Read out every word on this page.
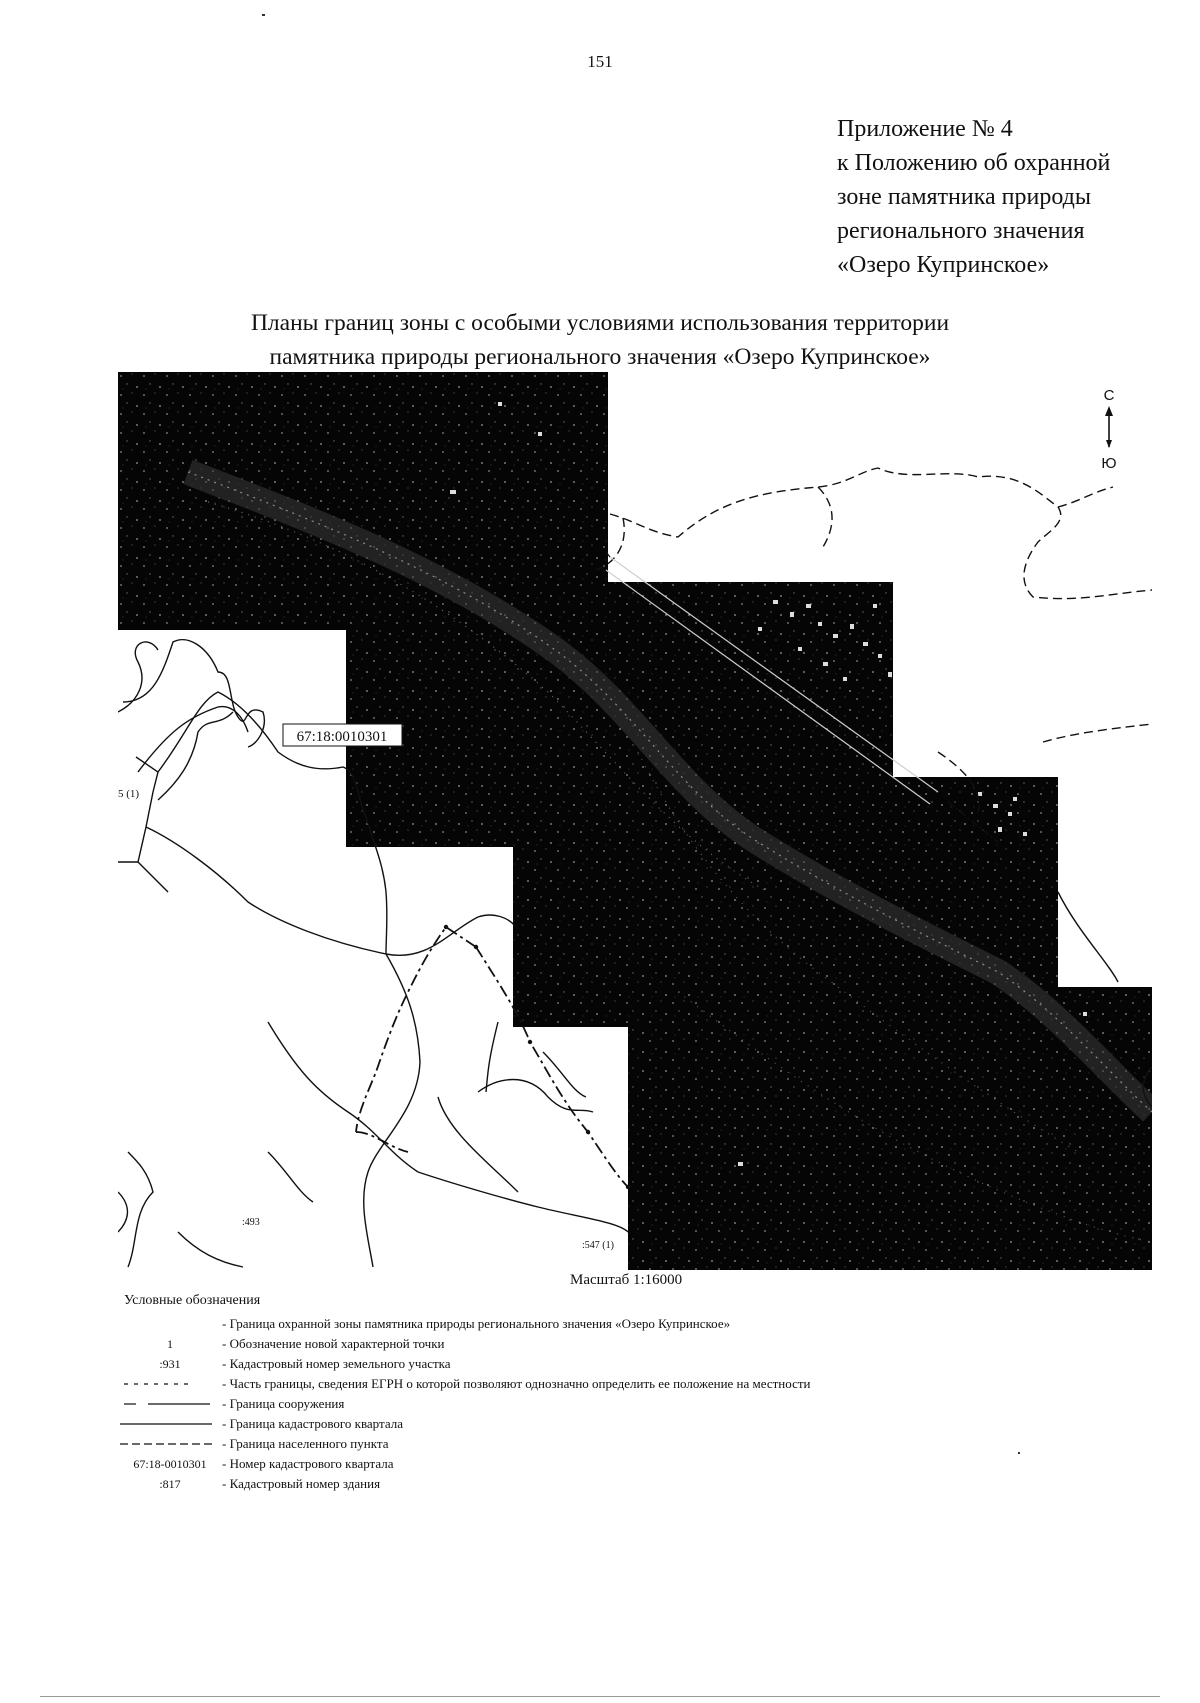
151
Приложение № 4
к Положению об охранной
зоне памятника природы
регионального значения
«Озеро Купринское»
Планы границ зоны с особыми условиями использования территории
памятника природы регионального значения «Озеро Купринское»
67:18:0010301
5 (1)
:361
:493
:547 (1)
С
Ю
Масштаб 1:16000
Условные обозначения
- Граница охранной зоны памятника природы регионального значения «Озеро Купринское»
1	- Обозначение новой характерной точки
:931	- Кадастровый номер земельного участка
- Часть границы, сведения ЕГРН о которой позволяют однозначно определить ее положение на местности
- Граница сооружения
- Граница кадастрового квартала
- Граница населенного пункта
67:18-0010301	- Номер кадастрового квартала
:817	- Кадастровый номер здания
